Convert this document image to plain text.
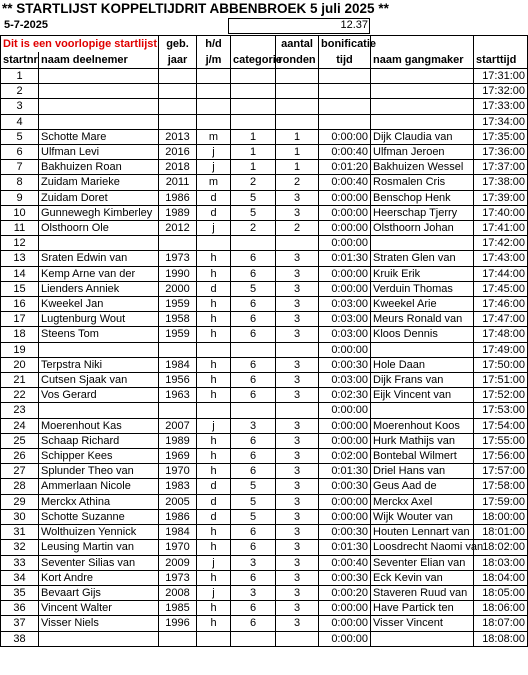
** STARTLIJST KOPPELTIJDRIT ABBENBROEK 5 juli 2025 **
5-7-2025	12.37
Dit is een voorlopige startlijst		geb.	h/d		aantal	bonificatie		
startnr	naam deelnemer	jaar	j/m	categorie	ronden	tijd	naam gangmaker	starttijd
1								17:31:00
2								17:32:00
3								17:33:00
4								17:34:00
5	Schotte Mare	2013	m	1	1	0:00:00	Dijk Claudia van	17:35:00
6	Ulfman Levi	2016	j	1	1	0:00:40	Ulfman Jeroen	17:36:00
7	Bakhuizen Roan	2018	j	1	1	0:01:20	Bakhuizen Wessel	17:37:00
8	Zuidam Marieke	2011	m	2	2	0:00:40	Rosmalen Cris	17:38:00
9	Zuidam Doret	1986	d	5	3	0:00:00	Benschop Henk	17:39:00
10	Gunnewegh Kimberley	1989	d	5	3	0:00:00	Heerschap Tjerry	17:40:00
11	Olsthoorn Ole	2012	j	2	2	0:00:00	Olsthoorn Johan	17:41:00
12						0:00:00		17:42:00
13	Sraten Edwin van	1973	h	6	3	0:01:30	Straten Glen van	17:43:00
14	Kemp Arne van der	1990	h	6	3	0:00:00	Kruik Erik	17:44:00
15	Lienders Anniek	2000	d	5	3	0:00:00	Verduin Thomas	17:45:00
16	Kweekel Jan	1959	h	6	3	0:03:00	Kweekel Arie	17:46:00
17	Lugtenburg Wout	1958	h	6	3	0:03:00	Meurs Ronald van	17:47:00
18	Steens Tom	1959	h	6	3	0:03:00	Kloos Dennis	17:48:00
19						0:00:00		17:49:00
20	Terpstra Niki	1984	h	6	3	0:00:30	Hole Daan	17:50:00
21	Cutsen Sjaak van	1956	h	6	3	0:03:00	Dijk Frans van	17:51:00
22	Vos Gerard	1963	h	6	3	0:02:30	Eijk Vincent van	17:52:00
23						0:00:00		17:53:00
24	Moerenhout Kas	2007	j	3	3	0:00:00	Moerenhout Koos	17:54:00
25	Schaap Richard	1989	h	6	3	0:00:00	Hurk Mathijs van	17:55:00
26	Schipper Kees	1969	h	6	3	0:02:00	Bontebal Wilmert	17:56:00
27	Splunder Theo van	1970	h	6	3	0:01:30	Driel Hans van	17:57:00
28	Ammerlaan Nicole	1983	d	5	3	0:00:30	Geus Aad de	17:58:00
29	Merckx Athina	2005	d	5	3	0:00:00	Merckx Axel	17:59:00
30	Schotte Suzanne	1986	d	5	3	0:00:00	Wijk Wouter van	18:00:00
31	Wolthuizen Yennick	1984	h	6	3	0:00:30	Houten Lennart van	18:01:00
32	Leusing Martin van	1970	h	6	3	0:01:30	Loosdrecht Naomi van	18:02:00
33	Seventer Silias van	2009	j	3	3	0:00:40	Seventer Elian van	18:03:00
34	Kort Andre	1973	h	6	3	0:00:30	Eck Kevin van	18:04:00
35	Bevaart Gijs	2008	j	3	3	0:00:20	Staveren Ruud van	18:05:00
36	Vincent Walter	1985	h	6	3	0:00:00	Have Partick ten	18:06:00
37	Visser Niels	1996	h	6	3	0:00:00	Visser Vincent	18:07:00
38						0:00:00		18:08:00
